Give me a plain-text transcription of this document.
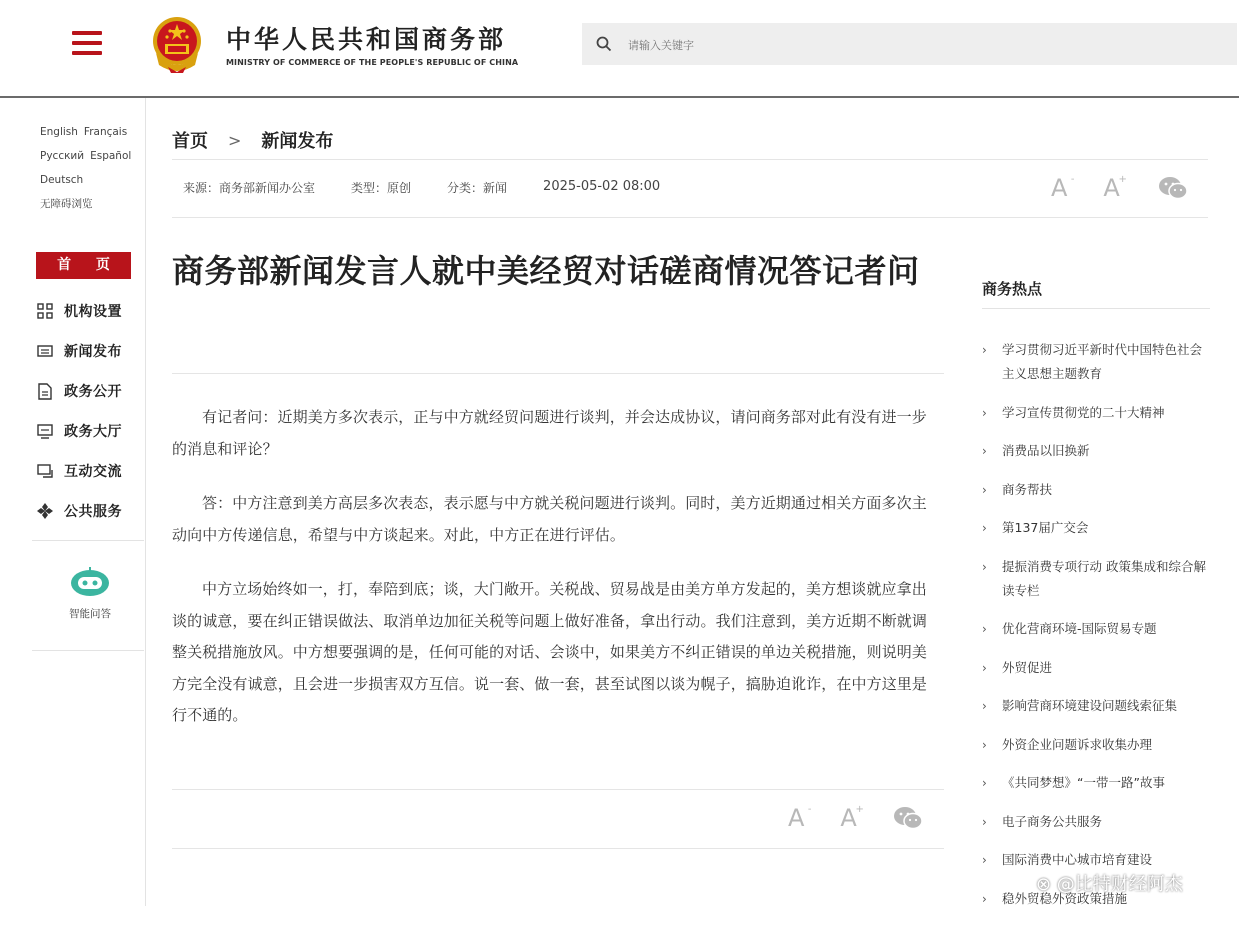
中华人民共和国商务部
MINISTRY OF COMMERCE OF THE PEOPLE'S REPUBLIC OF CHINA
请输入关键字
English Français
Русский Español
Deutsch
无障碍浏览
首 页
机构设置
新闻发布
政务公开
政务大厅
互动交流
公共服务
智能问答
首页 > 新闻发布
来源：商务部新闻办公室	类型：原创	分类：新闻	2025-05-02 08:00	A - A
+
商务部新闻发言人就中美经贸对话磋商情况答记者问

有记者问：近期美方多次表示，正与中方就经贸问题进行谈判，并会达成协议，请问商务部对此有没有进一步的消息和评论？

答：中方注意到美方高层多次表态，表示愿与中方就关税问题进行谈判。同时，美方近期通过相关方面多次主动向中方传递信息，希望与中方谈起来。对此，中方正在进行评估。

中方立场始终如一，打，奉陪到底；谈，大门敞开。关税战、贸易战是由美方单方发起的，美方想谈就应拿出谈的诚意，要在纠正错误做法、取消单边加征关税等问题上做好准备，拿出行动。我们注意到，美方近期不断就调整关税措施放风。中方想要强调的是，任何可能的对话、会谈中，如果美方不纠正错误的单边关税措施，则说明美方完全没有诚意，且会进一步损害双方互信。说一套、做一套，甚至试图以谈为幌子，搞胁迫讹诈，在中方这里是行不通的。

A - A
+
商务热点
›	学习贯彻习近平新时代中国特色社会主义思想主题教育
›	学习宣传贯彻党的二十大精神
›	消费品以旧换新
›	商务帮扶
›	第137届广交会
›	提振消费专项行动 政策集成和综合解读专栏
›	优化营商环境-国际贸易专题
›	外贸促进
›	影响营商环境建设问题线索征集
›	外资企业问题诉求收集办理
›	《共同梦想》“一带一路”故事
›	电子商务公共服务
›	国际消费中心城市培育建设
›	稳外贸稳外资政策措施
⊗ @比特财经阿杰
